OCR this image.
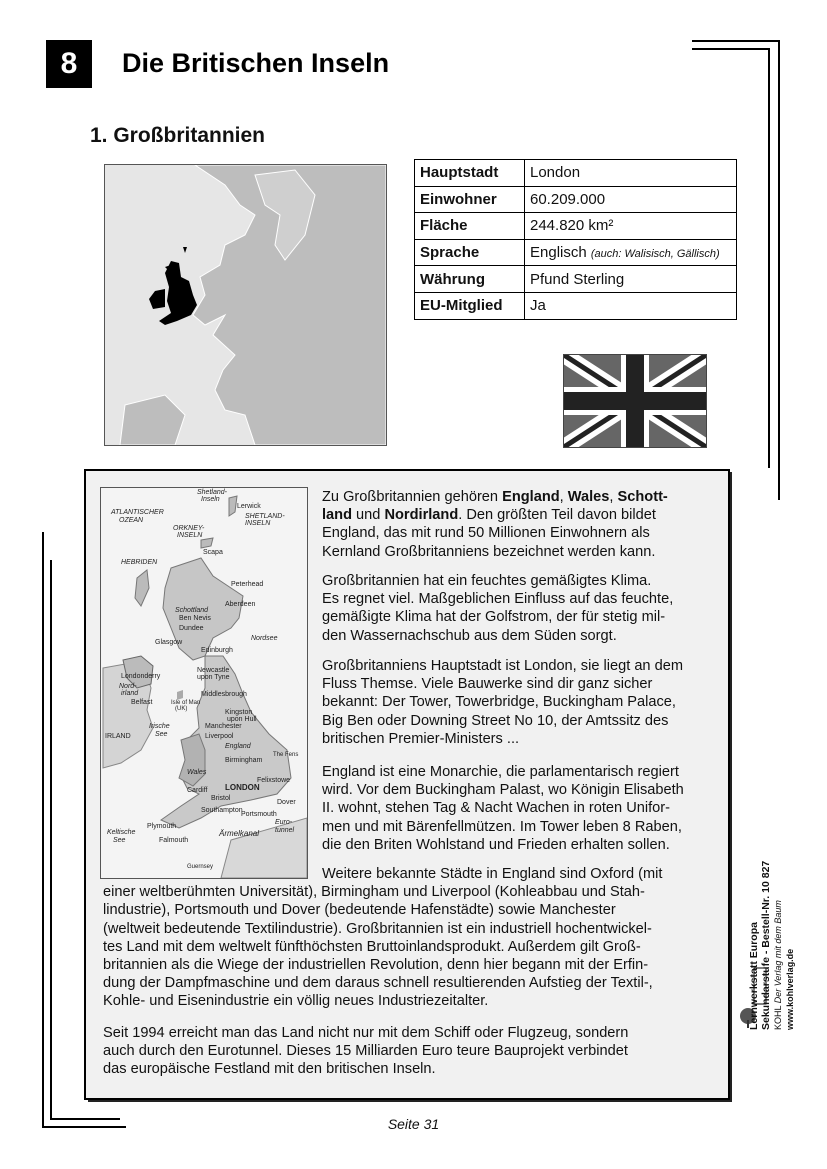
8	Die Britischen Inseln
1. Großbritannien
Hauptstadt	London
Einwohner	60.209.000
Fläche	244.820 km²
Sprache	Englisch (auch: Walisisch, Gällisch)
Währung	Pfund Sterling
EU-Mitglied	Ja
Shetland-
Inseln
Lerwick
ATLANTISCHER
OZEAN
SHETLAND-
INSELN
ORKNEY-
INSELN
Scapa
HEBRIDEN
Peterhead
Aberdeen
Schottland
Ben Nevis
Dundee
Nordsee
Glasgow
Edinburgh
Londonderry
Nord-
irland
Belfast
Newcastle
upon Tyne
Middlesbrough
Isle of Man
(UK)	Kingston
upon Hull
Manchester
Liverpool
IRLAND
Irische
See
England
The Fens
Birmingham
Wales
Felixstowe
LONDON
Cardiff
Bristol
Dover
Southampton
Portsmouth
Euro-
tunnel
Keltische
See
Plymouth
Falmouth
Ärmelkanal
Guernsey
Zu Großbritannien gehören England, Wales, Schott-
land und Nordirland. Den größten Teil davon bildet
England, das mit rund 50 Millionen Einwohnern als
Kernland Großbritanniens bezeichnet werden kann.
Großbritannien hat ein feuchtes gemäßigtes Klima.
Es regnet viel. Maßgeblichen Einfluss auf das feuchte,
gemäßigte Klima hat der Golfstrom, der für stetig mil-
den Wassernachschub aus dem Süden sorgt.
Großbritanniens Hauptstadt ist London, sie liegt an dem
Fluss Themse. Viele Bauwerke sind dir ganz sicher
bekannt: Der Tower, Towerbridge, Buckingham Palace,
Big Ben oder Downing Street No 10, der Amtssitz des
britischen Premier-Ministers ...
England ist eine Monarchie, die parlamentarisch regiert
wird. Vor dem Buckingham Palast, wo Königin Elisabeth
II. wohnt, stehen Tag & Nacht Wachen in roten Unifor-
men und mit Bärenfellmützen. Im Tower leben 8 Raben,
die den Briten Wohlstand und Frieden erhalten sollen.
Weitere bekannte Städte in England sind Oxford (mit
einer weltberühmten Universität), Birmingham und Liverpool (Kohleabbau und Stah-
lindustrie), Portsmouth und Dover (bedeutende Hafenstädte) sowie Manchester
(weltweit bedeutende Textilindustrie). Großbritannien ist ein industriell hochentwickel-
tes Land mit dem weltwelt fünfthöchsten Bruttoinlandsprodukt. Außerdem gilt Groß-
britannien als die Wiege der industriellen Revolution, denn hier begann mit der Erfin-
dung der Dampfmaschine und dem daraus schnell resultierenden Aufstieg der Textil-,
Kohle- und Eisenindustrie ein völlig neues Industriezeitalter.
Seit 1994 erreicht man das Land nicht nur mit dem Schiff oder Flugzeug, sondern
auch durch den Eurotunnel. Dieses 15 Milliarden Euro teure Bauprojekt verbindet
das europäische Festland mit den britischen Inseln.
Lernwerkstatt Europa Sekundarstufe - Bestell-Nr. 10 827
KOHL Der Verlag mit dem Baum www.kohlverlag.de
Seite 31
